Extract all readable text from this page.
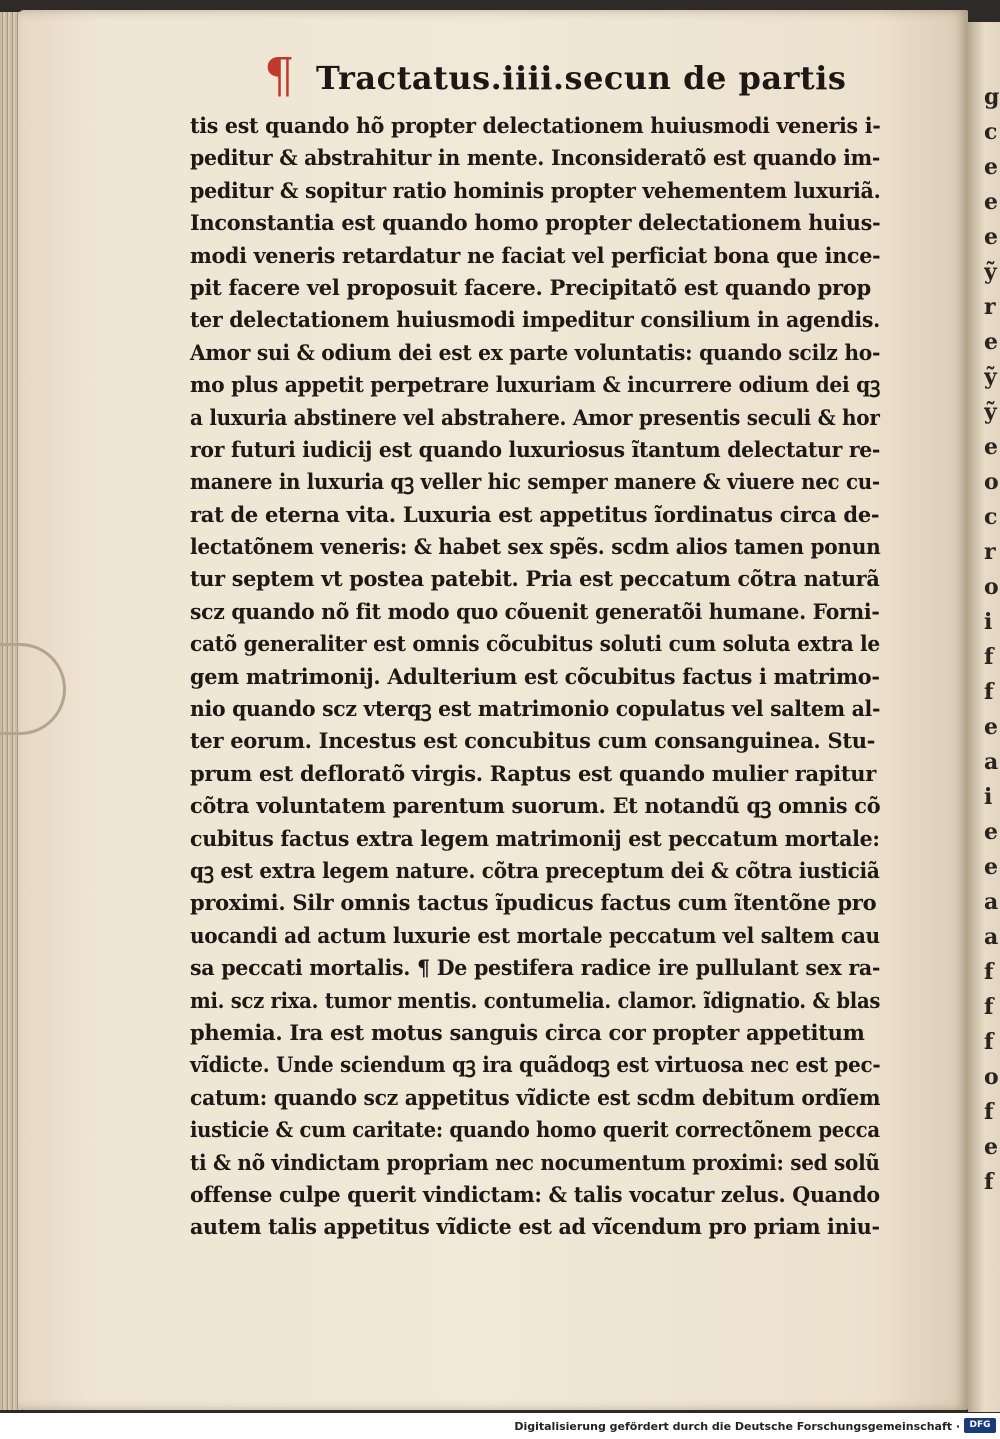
g
c
e
e
e
ỹ
r
e
ỹ
ỹ
e
o
c
r
o
i
f
f
e
a
i
e
e
a
a
f
f
f
o
f
e
f
¶ Tractatus.iiii.secun de partis
tis est quando hõ propter delectationem huiusmodi veneris i-
peditur & abstrahitur in mente. Inconsideratõ est quando im-
peditur & sopitur ratio hominis propter vehementem luxuriã.
Inconstantia est quando homo propter delectationem huius-
modi veneris retardatur ne faciat vel perficiat bona que ince-
pit facere vel proposuit facere. Precipitatõ est quando prop
ter delectationem huiusmodi impeditur consilium in agendis.
Amor sui & odium dei est ex parte voluntatis: quando scilz ho-
mo plus appetit perpetrare luxuriam & incurrere odium dei qꝫ
a luxuria abstinere vel abstrahere. Amor presentis seculi & hor
ror futuri iudicij est quando luxuriosus ĩtantum delectatur re-
manere in luxuria qꝫ veller hic semper manere & viuere nec cu-
rat de eterna vita. Luxuria est appetitus ĩordinatus circa de-
lectatõnem veneris: & habet sex spẽs. scdm alios tamen ponun
tur septem vt postea patebit. Pria est peccatum cõtra naturã
scz quando nõ fit modo quo cõuenit generatõi humane. Forni-
catõ generaliter est omnis cõcubitus soluti cum soluta extra le
gem matrimonij. Adulterium est cõcubitus factus i matrimo-
nio quando scz vterqꝫ est matrimonio copulatus vel saltem al-
ter eorum. Incestus est concubitus cum consanguinea. Stu-
prum est defloratõ virgis. Raptus est quando mulier rapitur
cõtra voluntatem parentum suorum. Et notandũ qꝫ omnis cõ
cubitus factus extra legem matrimonij est peccatum mortale:
qꝫ est extra legem nature. cõtra preceptum dei & cõtra iusticiã
proximi. Silr omnis tactus ĩpudicus factus cum ĩtentõne pro
uocandi ad actum luxurie est mortale peccatum vel saltem cau
sa peccati mortalis. ¶ De pestifera radice ire pullulant sex ra-
mi. scz rixa. tumor mentis. contumelia. clamor. ĩdignatio. & blas
phemia. Ira est motus sanguis circa cor propter appetitum
vĩdicte. Unde sciendum qꝫ ira quãdoqꝫ est virtuosa nec est pec-
catum: quando scz appetitus vĩdicte est scdm debitum ordĩem
iusticie & cum caritate: quando homo querit correctõnem pecca
ti & nõ vindictam propriam nec nocumentum proximi: sed solũ
offense culpe querit vindictam: & talis vocatur zelus. Quando
autem talis appetitus vĩdicte est ad vĩcendum pro priam iniu-
Digitalisierung gefördert durch die Deutsche Forschungsgemeinschaft ·	DFG
